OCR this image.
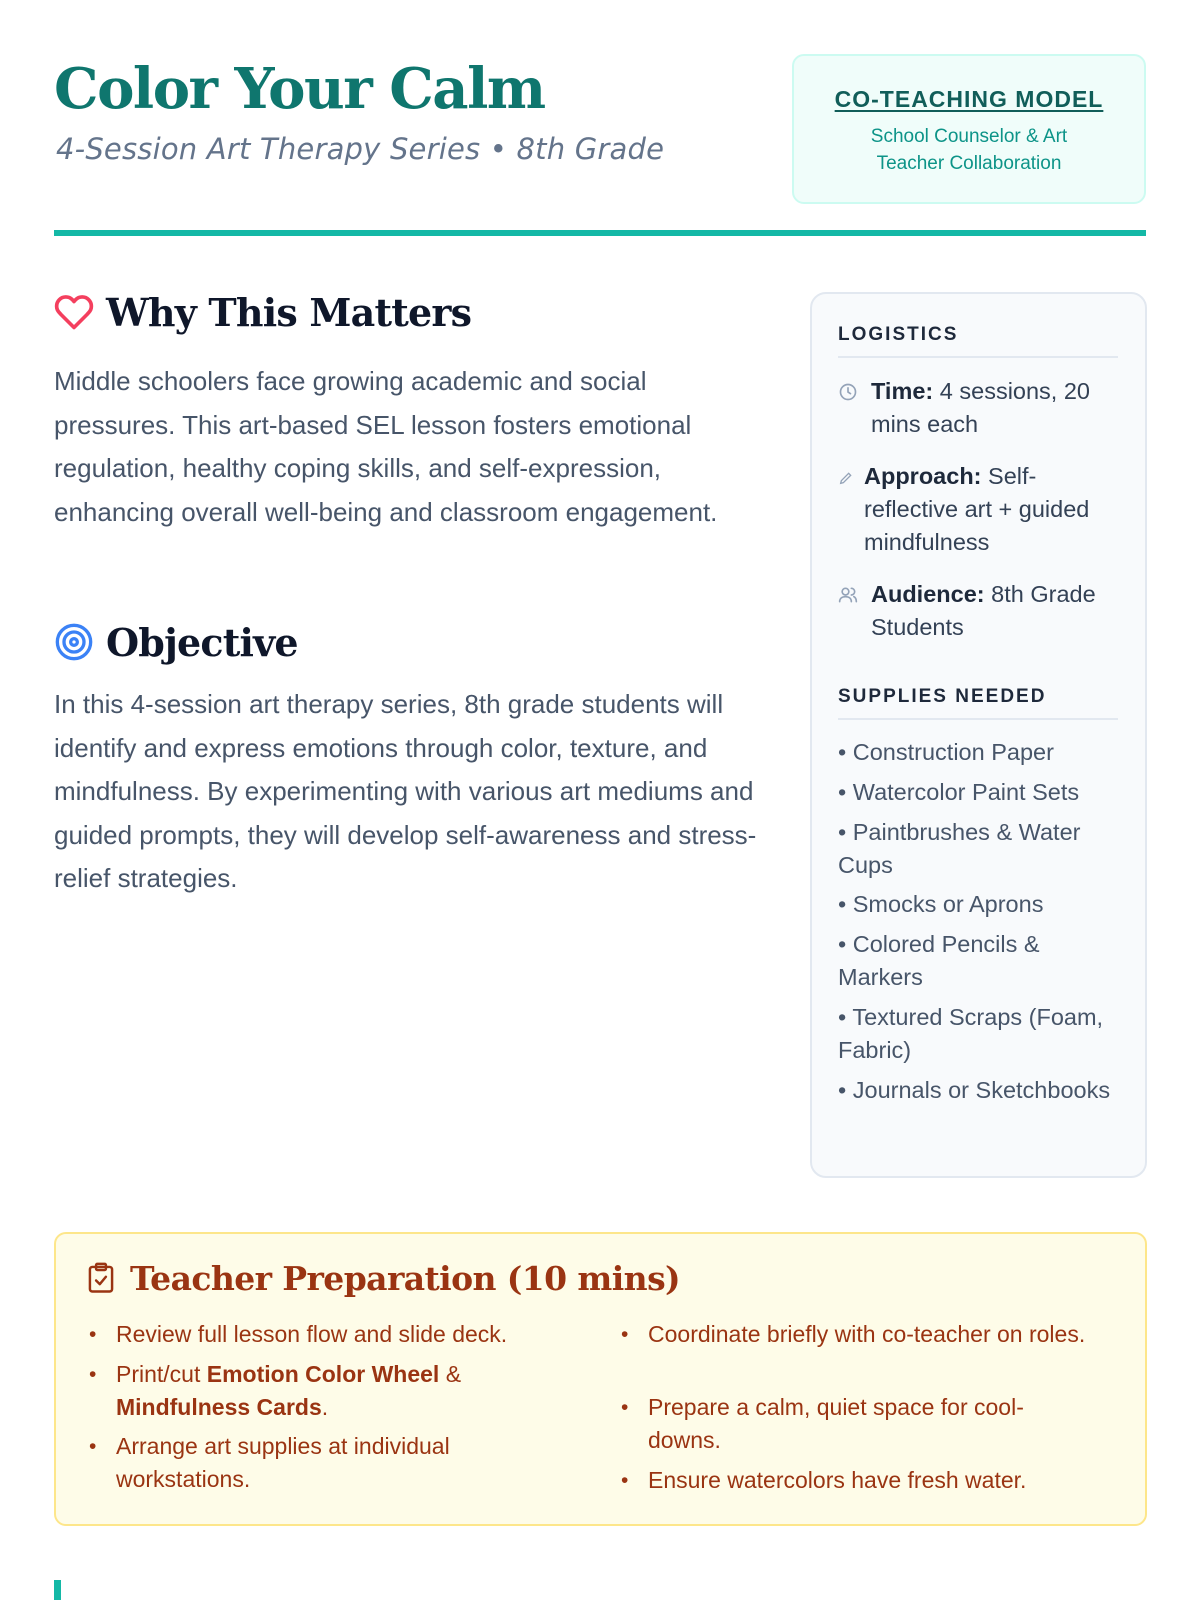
Color Your Calm
4-Session Art Therapy Series • 8th Grade
CO-TEACHING MODEL
School Counselor & Art Teacher Collaboration
Why This Matters

Middle schoolers face growing academic and social pressures. This art-based SEL lesson fosters emotional regulation, healthy coping skills, and self-expression, enhancing overall well-being and classroom engagement.

Objective

In this 4-session art therapy series, 8th grade students will identify and express emotions through color, texture, and mindfulness. By experimenting with various art mediums and guided prompts, they will develop self-awareness and stress-relief strategies.

LOGISTICS
Time: 4 sessions, 20 mins each
Approach: Self-reflective art + guided mindfulness
Audience: 8th Grade Students
SUPPLIES NEEDED
• Construction Paper
• Watercolor Paint Sets
• Paintbrushes & Water Cups
• Smocks or Aprons
• Colored Pencils & Markers
• Textured Scraps (Foam, Fabric)
• Journals or Sketchbooks
Teacher Preparation (10 mins)
• Review full lesson flow and slide deck.
• Print/cut Emotion Color Wheel & Mindfulness Cards.
• Arrange art supplies at individual workstations.
• Coordinate briefly with co-teacher on roles.
• Prepare a calm, quiet space for cool-downs.
• Ensure watercolors have fresh water.
